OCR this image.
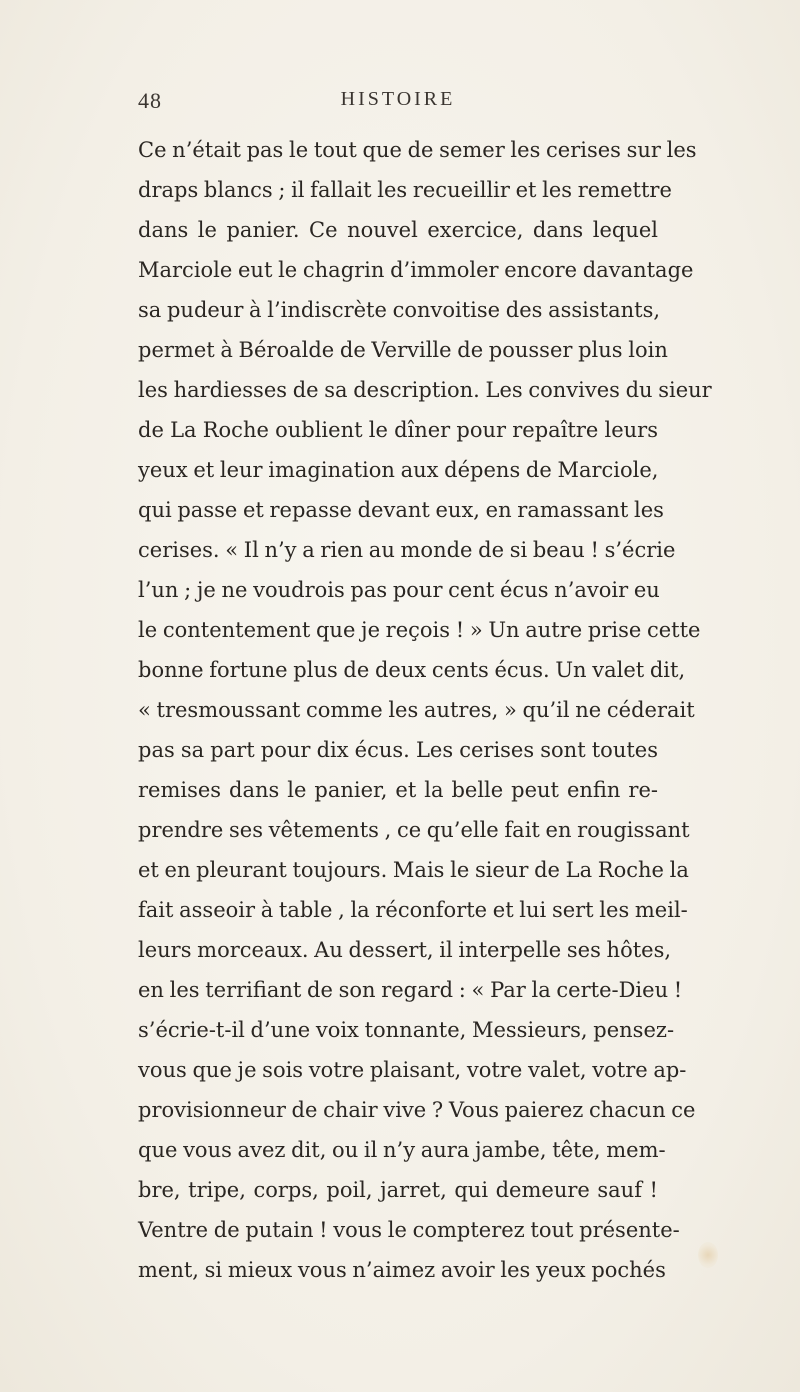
48	HISTOIRE
Ce n’était pas le tout que de semer les cerises sur les
draps blancs ; il fallait les recueillir et les remettre
dans le panier. Ce nouvel exercice, dans lequel
Marciole eut le chagrin d’immoler encore davantage
sa pudeur à l’indiscrète convoitise des assistants,
permet à Béroalde de Verville de pousser plus loin
les hardiesses de sa description. Les convives du sieur
de La Roche oublient le dîner pour repaître leurs
yeux et leur imagination aux dépens de Marciole,
qui passe et repasse devant eux, en ramassant les
cerises. « Il n’y a rien au monde de si beau ! s’écrie
l’un ; je ne voudrois pas pour cent écus n’avoir eu
le contentement que je reçois ! » Un autre prise cette
bonne fortune plus de deux cents écus. Un valet dit,
« tresmoussant comme les autres, » qu’il ne céderait
pas sa part pour dix écus. Les cerises sont toutes
remises dans le panier, et la belle peut enfin re-
prendre ses vêtements , ce qu’elle fait en rougissant
et en pleurant toujours. Mais le sieur de La Roche la
fait asseoir à table , la réconforte et lui sert les meil-
leurs morceaux. Au dessert, il interpelle ses hôtes,
en les terrifiant de son regard : « Par la certe-Dieu !
s’écrie-t-il d’une voix tonnante, Messieurs, pensez-
vous que je sois votre plaisant, votre valet, votre ap-
provisionneur de chair vive ? Vous paierez chacun ce
que vous avez dit, ou il n’y aura jambe, tête, mem-
bre, tripe, corps, poil, jarret, qui demeure sauf !
Ventre de putain ! vous le compterez tout présente-
ment, si mieux vous n’aimez avoir les yeux pochés
